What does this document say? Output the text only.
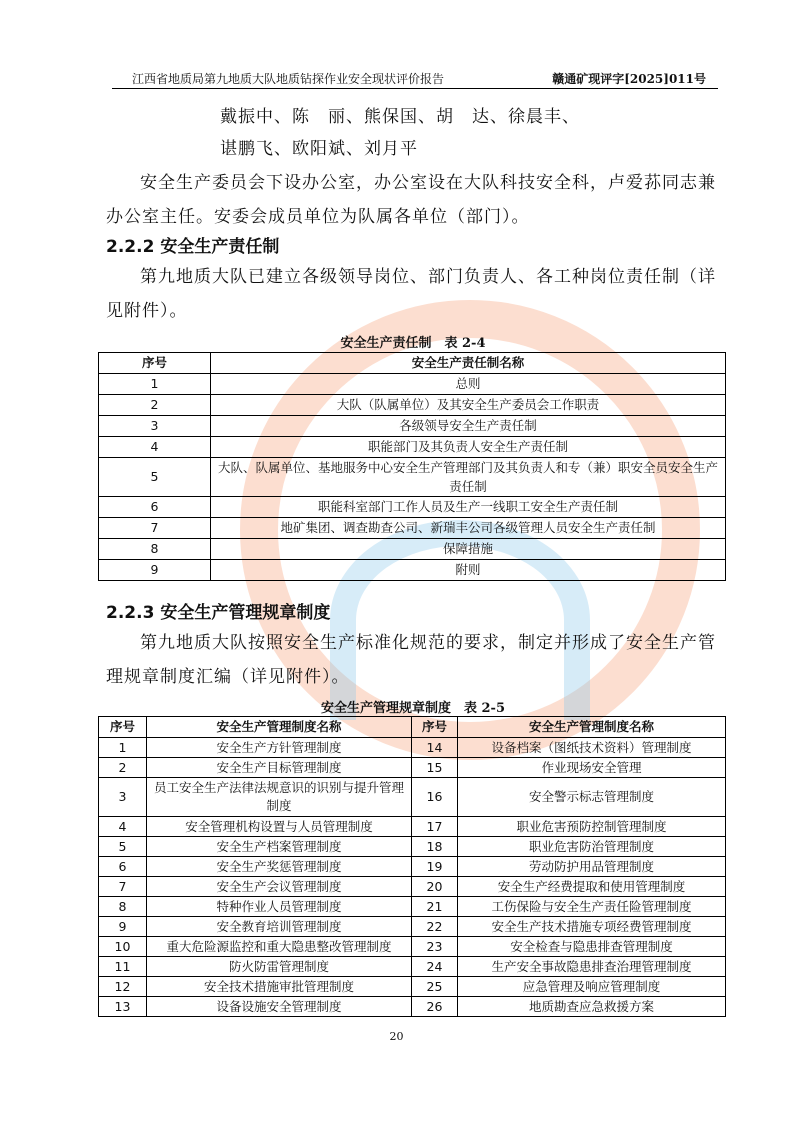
江西省地质局第九地质大队地质钻探作业安全现状评价报告	赣通矿现评字[2025]011号
戴振中、陈　丽、熊保国、胡　达、徐晨丰、
谌鹏飞、欧阳斌、刘月平
安全生产委员会下设办公室，办公室设在大队科技安全科，卢爱荪同志兼办公室主任。安委会成员单位为队属各单位（部门）。
2.2.2 安全生产责任制
第九地质大队已建立各级领导岗位、部门负责人、各工种岗位责任制（详见附件）。
安全生产责任制　表 2-4
序号	安全生产责任制名称
1	总则
2	大队（队属单位）及其安全生产委员会工作职责
3	各级领导安全生产责任制
4	职能部门及其负责人安全生产责任制
5	大队、队属单位、基地服务中心安全生产管理部门及其负责人和专（兼）职安全员安全生产责任制
6	职能科室部门工作人员及生产一线职工安全生产责任制
7	地矿集团、调查勘查公司、新瑞丰公司各级管理人员安全生产责任制
8	保障措施
9	附则
2.2.3 安全生产管理规章制度
第九地质大队按照安全生产标准化规范的要求，制定并形成了安全生产管理规章制度汇编（详见附件）。
安全生产管理规章制度　表 2-5
序号	安全生产管理制度名称	序号	安全生产管理制度名称
1	安全生产方针管理制度	14	设备档案（图纸技术资料）管理制度
2	安全生产目标管理制度	15	作业现场安全管理
3	员工安全生产法律法规意识的识别与提升管理制度	16	安全警示标志管理制度
4	安全管理机构设置与人员管理制度	17	职业危害预防控制管理制度
5	安全生产档案管理制度	18	职业危害防治管理制度
6	安全生产奖惩管理制度	19	劳动防护用品管理制度
7	安全生产会议管理制度	20	安全生产经费提取和使用管理制度
8	特种作业人员管理制度	21	工伤保险与安全生产责任险管理制度
9	安全教育培训管理制度	22	安全生产技术措施专项经费管理制度
10	重大危险源监控和重大隐患整改管理制度	23	安全检查与隐患排查管理制度
11	防火防雷管理制度	24	生产安全事故隐患排查治理管理制度
12	安全技术措施审批管理制度	25	应急管理及响应管理制度
13	设备设施安全管理制度	26	地质勘查应急救援方案
20
